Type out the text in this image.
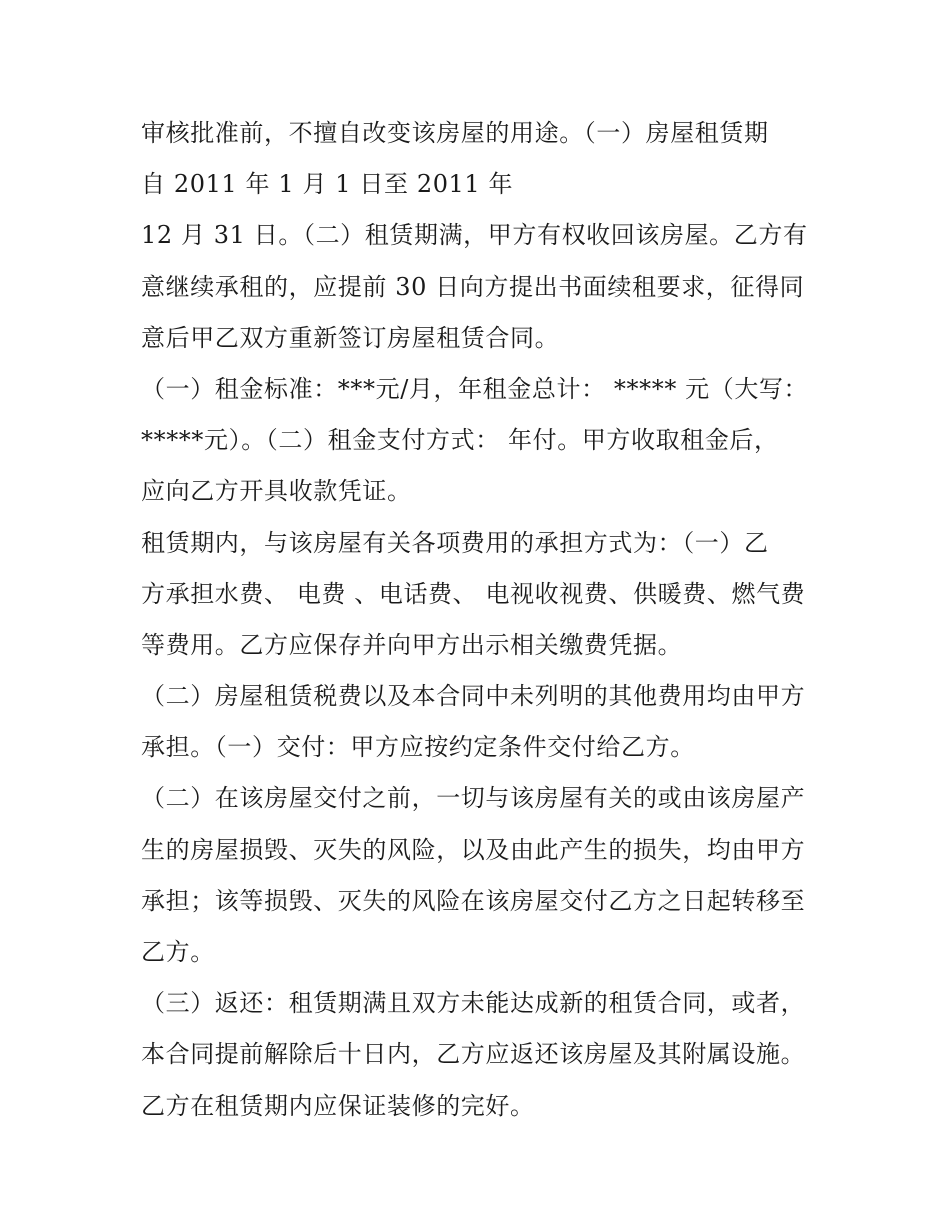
审核批准前，不擅自改变该房屋的用途。（一）房屋租赁期
自 2011 年 1 月 1 日至 2011 年
12 月 31 日。（二）租赁期满，甲方有权收回该房屋。乙方有
意继续承租的，应提前 30 日向方提出书面续租要求，征得同
意后甲乙双方重新签订房屋租赁合同。
（一）租金标准：***元/月，年租金总计： ***** 元（大写：
*****元）。（二）租金支付方式： 年付。甲方收取租金后，
应向乙方开具收款凭证。
租赁期内，与该房屋有关各项费用的承担方式为：（一）乙
方承担水费、 电费 、电话费、 电视收视费、供暖费、燃气费
等费用。乙方应保存并向甲方出示相关缴费凭据。
（二）房屋租赁税费以及本合同中未列明的其他费用均由甲方
承担。（一）交付：甲方应按约定条件交付给乙方。
（二）在该房屋交付之前，一切与该房屋有关的或由该房屋产
生的房屋损毁、灭失的风险，以及由此产生的损失，均由甲方
承担；该等损毁、灭失的风险在该房屋交付乙方之日起转移至
乙方。
（三）返还：租赁期满且双方未能达成新的租赁合同，或者，
本合同提前解除后十日内，乙方应返还该房屋及其附属设施。
乙方在租赁期内应保证装修的完好。
